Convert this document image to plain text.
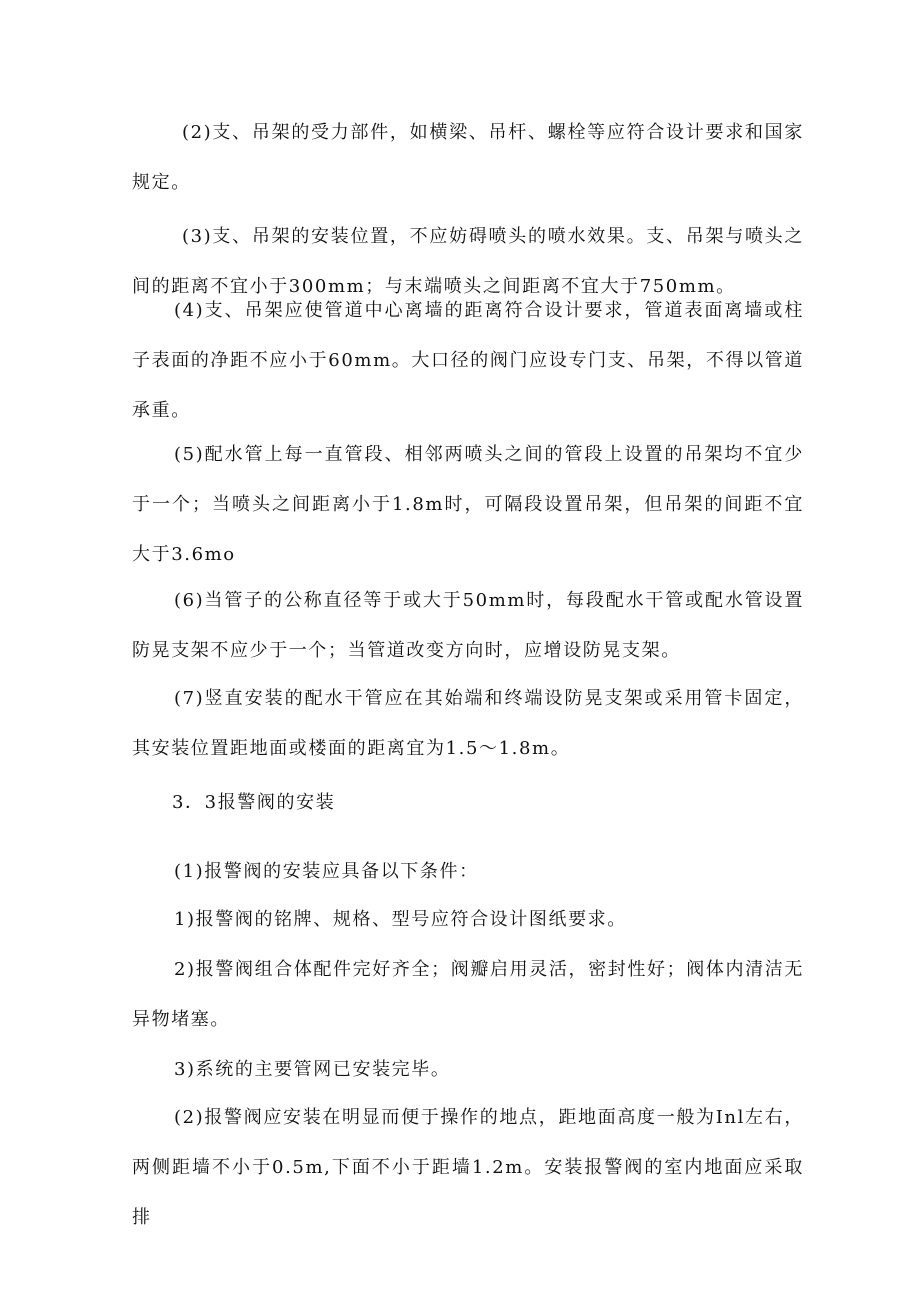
(2)支、吊架的受力部件，如横梁、吊杆、螺栓等应符合设计要求和国家规定。

(3)支、吊架的安装位置，不应妨碍喷头的喷水效果。支、吊架与喷头之间的距离不宜小于300mm；与末端喷头之间距离不宜大于750mm。

(4)支、吊架应使管道中心离墙的距离符合设计要求，管道表面离墙或柱子表面的净距不应小于60mm。大口径的阀门应设专门支、吊架，不得以管道承重。

(5)配水管上每一直管段、相邻两喷头之间的管段上设置的吊架均不宜少于一个；当喷头之间距离小于1.8m时，可隔段设置吊架，但吊架的间距不宜大于3.6mo

(6)当管子的公称直径等于或大于50mm时，每段配水干管或配水管设置防晃支架不应少于一个；当管道改变方向时，应增设防晃支架。

(7)竖直安装的配水干管应在其始端和终端设防晃支架或采用管卡固定，其安装位置距地面或楼面的距离宜为1.5～1.8m。

3．3报警阀的安装

(1)报警阀的安装应具备以下条件：

1)报警阀的铭牌、规格、型号应符合设计图纸要求。

2)报警阀组合体配件完好齐全；阀瓣启用灵活，密封性好；阀体内清洁无异物堵塞。

3)系统的主要管网已安装完毕。

(2)报警阀应安装在明显而便于操作的地点，距地面高度一般为Inl左右，两侧距墙不小于0.5m,下面不小于距墙1.2m。安装报警阀的室内地面应采取排
